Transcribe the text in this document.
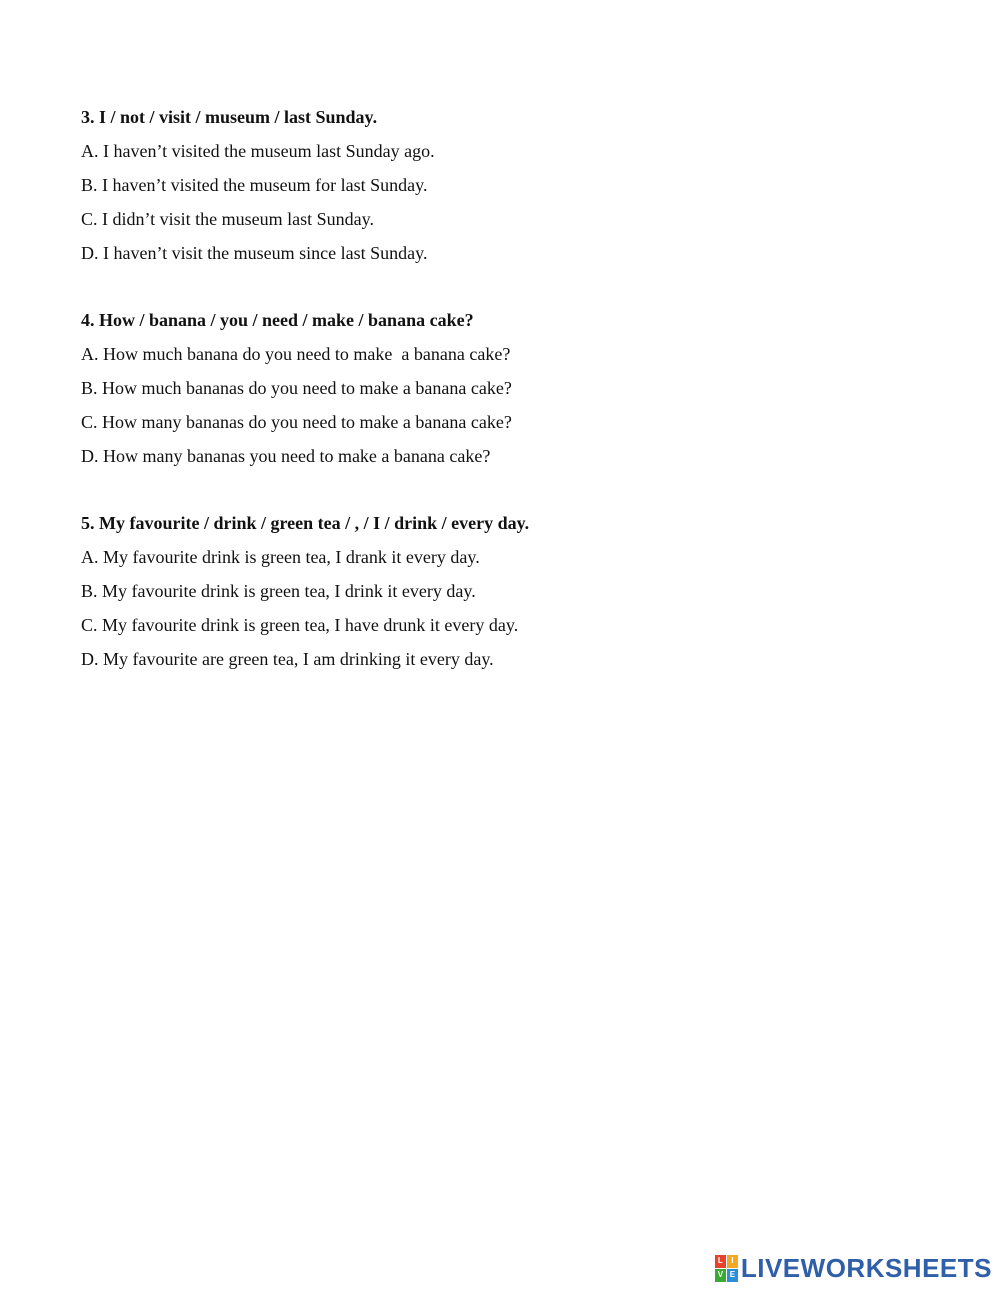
3. I / not / visit / museum / last Sunday.
A. I haven’t visited the museum last Sunday ago.
B. I haven’t visited the museum for last Sunday.
C. I didn’t visit the museum last Sunday.
D. I haven’t visit the museum since last Sunday.
4. How / banana / you / need / make / banana cake?
A. How much banana do you need to make  a banana cake?
B. How much bananas do you need to make a banana cake?
C. How many bananas do you need to make a banana cake?
D. How many bananas you need to make a banana cake?
5. My favourite / drink / green tea / , / I / drink / every day.
A. My favourite drink is green tea, I drank it every day.
B. My favourite drink is green tea, I drink it every day.
C. My favourite drink is green tea, I have drunk it every day.
D. My favourite are green tea, I am drinking it every day.
L	I
V E LIVEWORKSHEETS
